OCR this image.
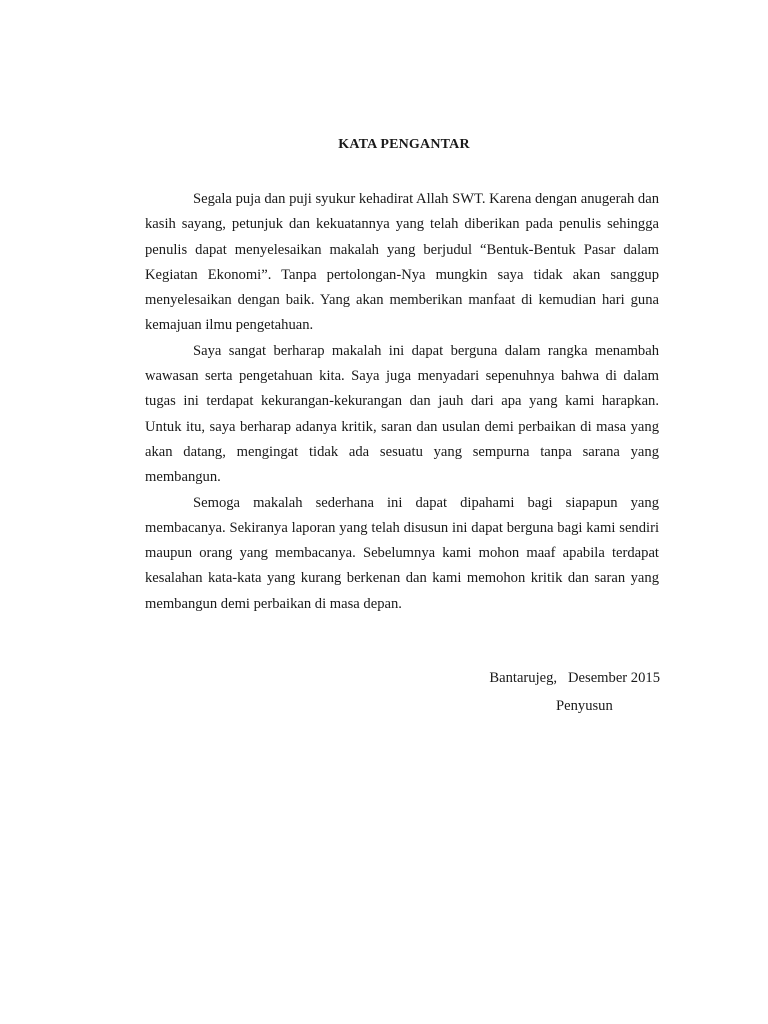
KATA PENGANTAR

Segala puja dan puji syukur kehadirat Allah SWT. Karena dengan anugerah dan kasih sayang, petunjuk dan kekuatannya yang telah diberikan pada penulis sehingga penulis dapat menyelesaikan makalah yang berjudul “Bentuk-Bentuk Pasar dalam Kegiatan Ekonomi”. Tanpa pertolongan-Nya mungkin saya tidak akan sanggup menyelesaikan dengan baik. Yang akan memberikan manfaat di kemudian hari guna kemajuan ilmu pengetahuan.

Saya sangat berharap makalah ini dapat berguna dalam rangka menambah wawasan serta pengetahuan kita. Saya juga menyadari sepenuhnya bahwa di dalam tugas ini terdapat kekurangan-kekurangan dan jauh dari apa yang kami harapkan. Untuk itu, saya berharap adanya kritik, saran dan usulan demi perbaikan di masa yang akan datang, mengingat tidak ada sesuatu yang sempurna tanpa sarana yang membangun.

Semoga makalah sederhana ini dapat dipahami bagi siapapun yang membacanya. Sekiranya laporan yang telah disusun ini dapat berguna bagi kami sendiri maupun orang yang membacanya. Sebelumnya kami mohon maaf apabila terdapat kesalahan kata-kata yang kurang berkenan dan kami memohon kritik dan saran yang membangun demi perbaikan di masa depan.

Bantarujeg,   Desember 2015
Penyusun
